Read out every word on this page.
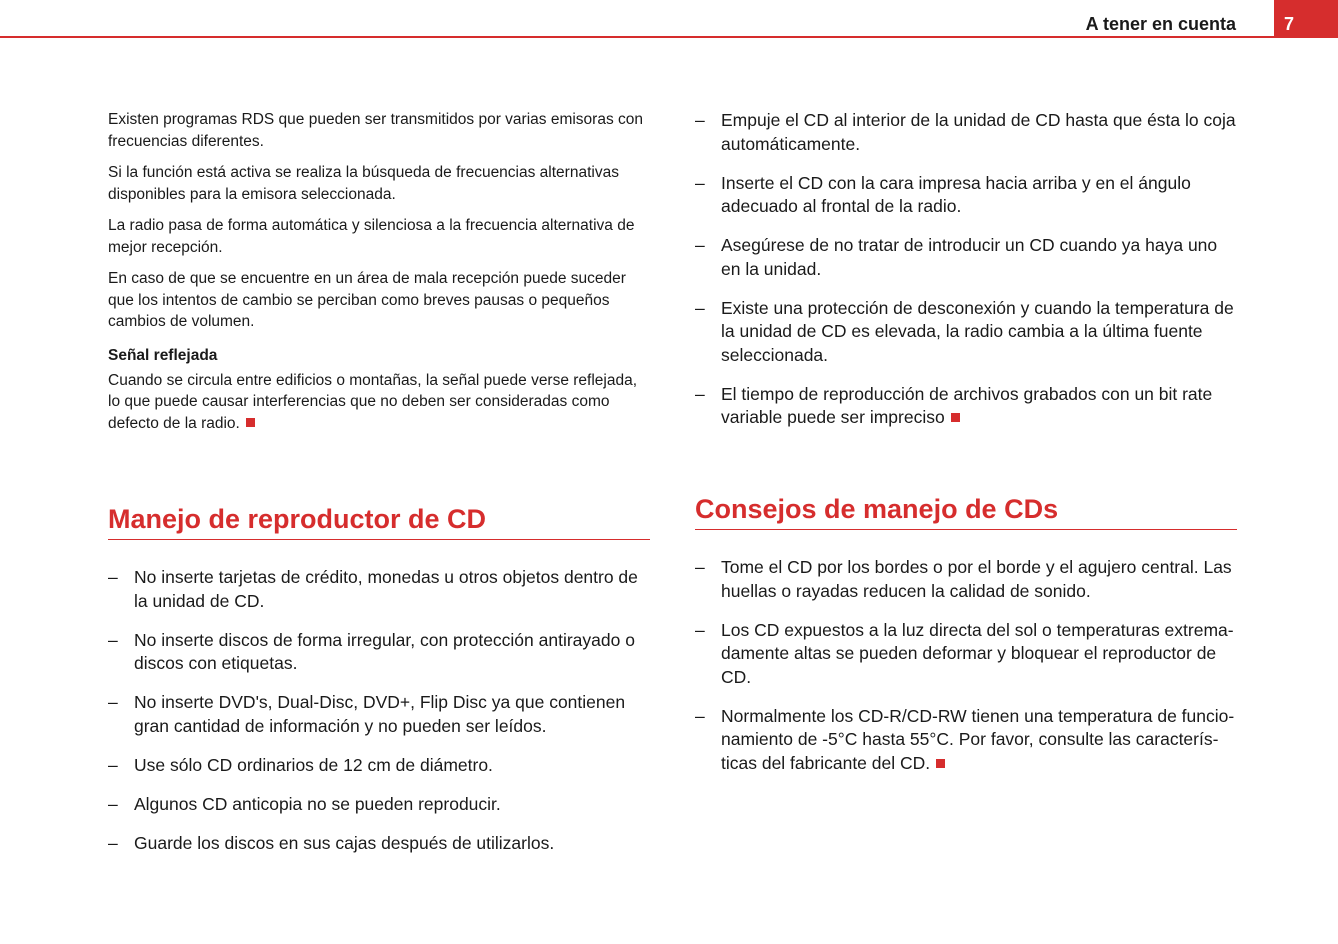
A tener en cuenta	7

Existen programas RDS que pueden ser transmitidos por varias emisoras con frecuencias diferentes.

Si la función está activa se realiza la búsqueda de frecuencias alternativas disponibles para la emisora seleccionada.

La radio pasa de forma automática y silenciosa a la frecuencia alternativa de mejor recepción.

En caso de que se encuentre en un área de mala recepción puede suceder que los intentos de cambio se perciban como breves pausas o pequeños cambios de volumen.

Señal reflejada

Cuando se circula entre edificios o montañas, la señal puede verse reflejada, lo que puede causar interferencias que no deben ser consideradas como defecto de la radio.

Manejo de reproductor de CD
– No inserte tarjetas de crédito, monedas u otros objetos dentro de la unidad de CD.
– No inserte discos de forma irregular, con protección antirayado o discos con etiquetas.
– No inserte DVD's, Dual-Disc, DVD+, Flip Disc ya que contienen gran cantidad de información y no pueden ser leídos.
– Use sólo CD ordinarios de 12 cm de diámetro.
– Algunos CD anticopia no se pueden reproducir.
– Guarde los discos en sus cajas después de utilizarlos.
– Empuje el CD al interior de la unidad de CD hasta que ésta lo coja automáticamente.
– Inserte el CD con la cara impresa hacia arriba y en el ángulo adecuado al frontal de la radio.
– Asegúrese de no tratar de introducir un CD cuando ya haya uno en la unidad.
– Existe una protección de desconexión y cuando la temperatura de la unidad de CD es elevada, la radio cambia a la última fuente seleccionada.
– El tiempo de reproducción de archivos grabados con un bit rate variable puede ser impreciso
Consejos de manejo de CDs
– Tome el CD por los bordes o por el borde y el agujero central. Las huellas o rayadas reducen la calidad de sonido.
– Los CD expuestos a la luz directa del sol o temperaturas extremadamente altas se pueden deformar y bloquear el reproductor de CD.
– Normalmente los CD-R/CD-RW tienen una temperatura de funcionamiento de -5°C hasta 55°C. Por favor, consulte las características del fabricante del CD.
